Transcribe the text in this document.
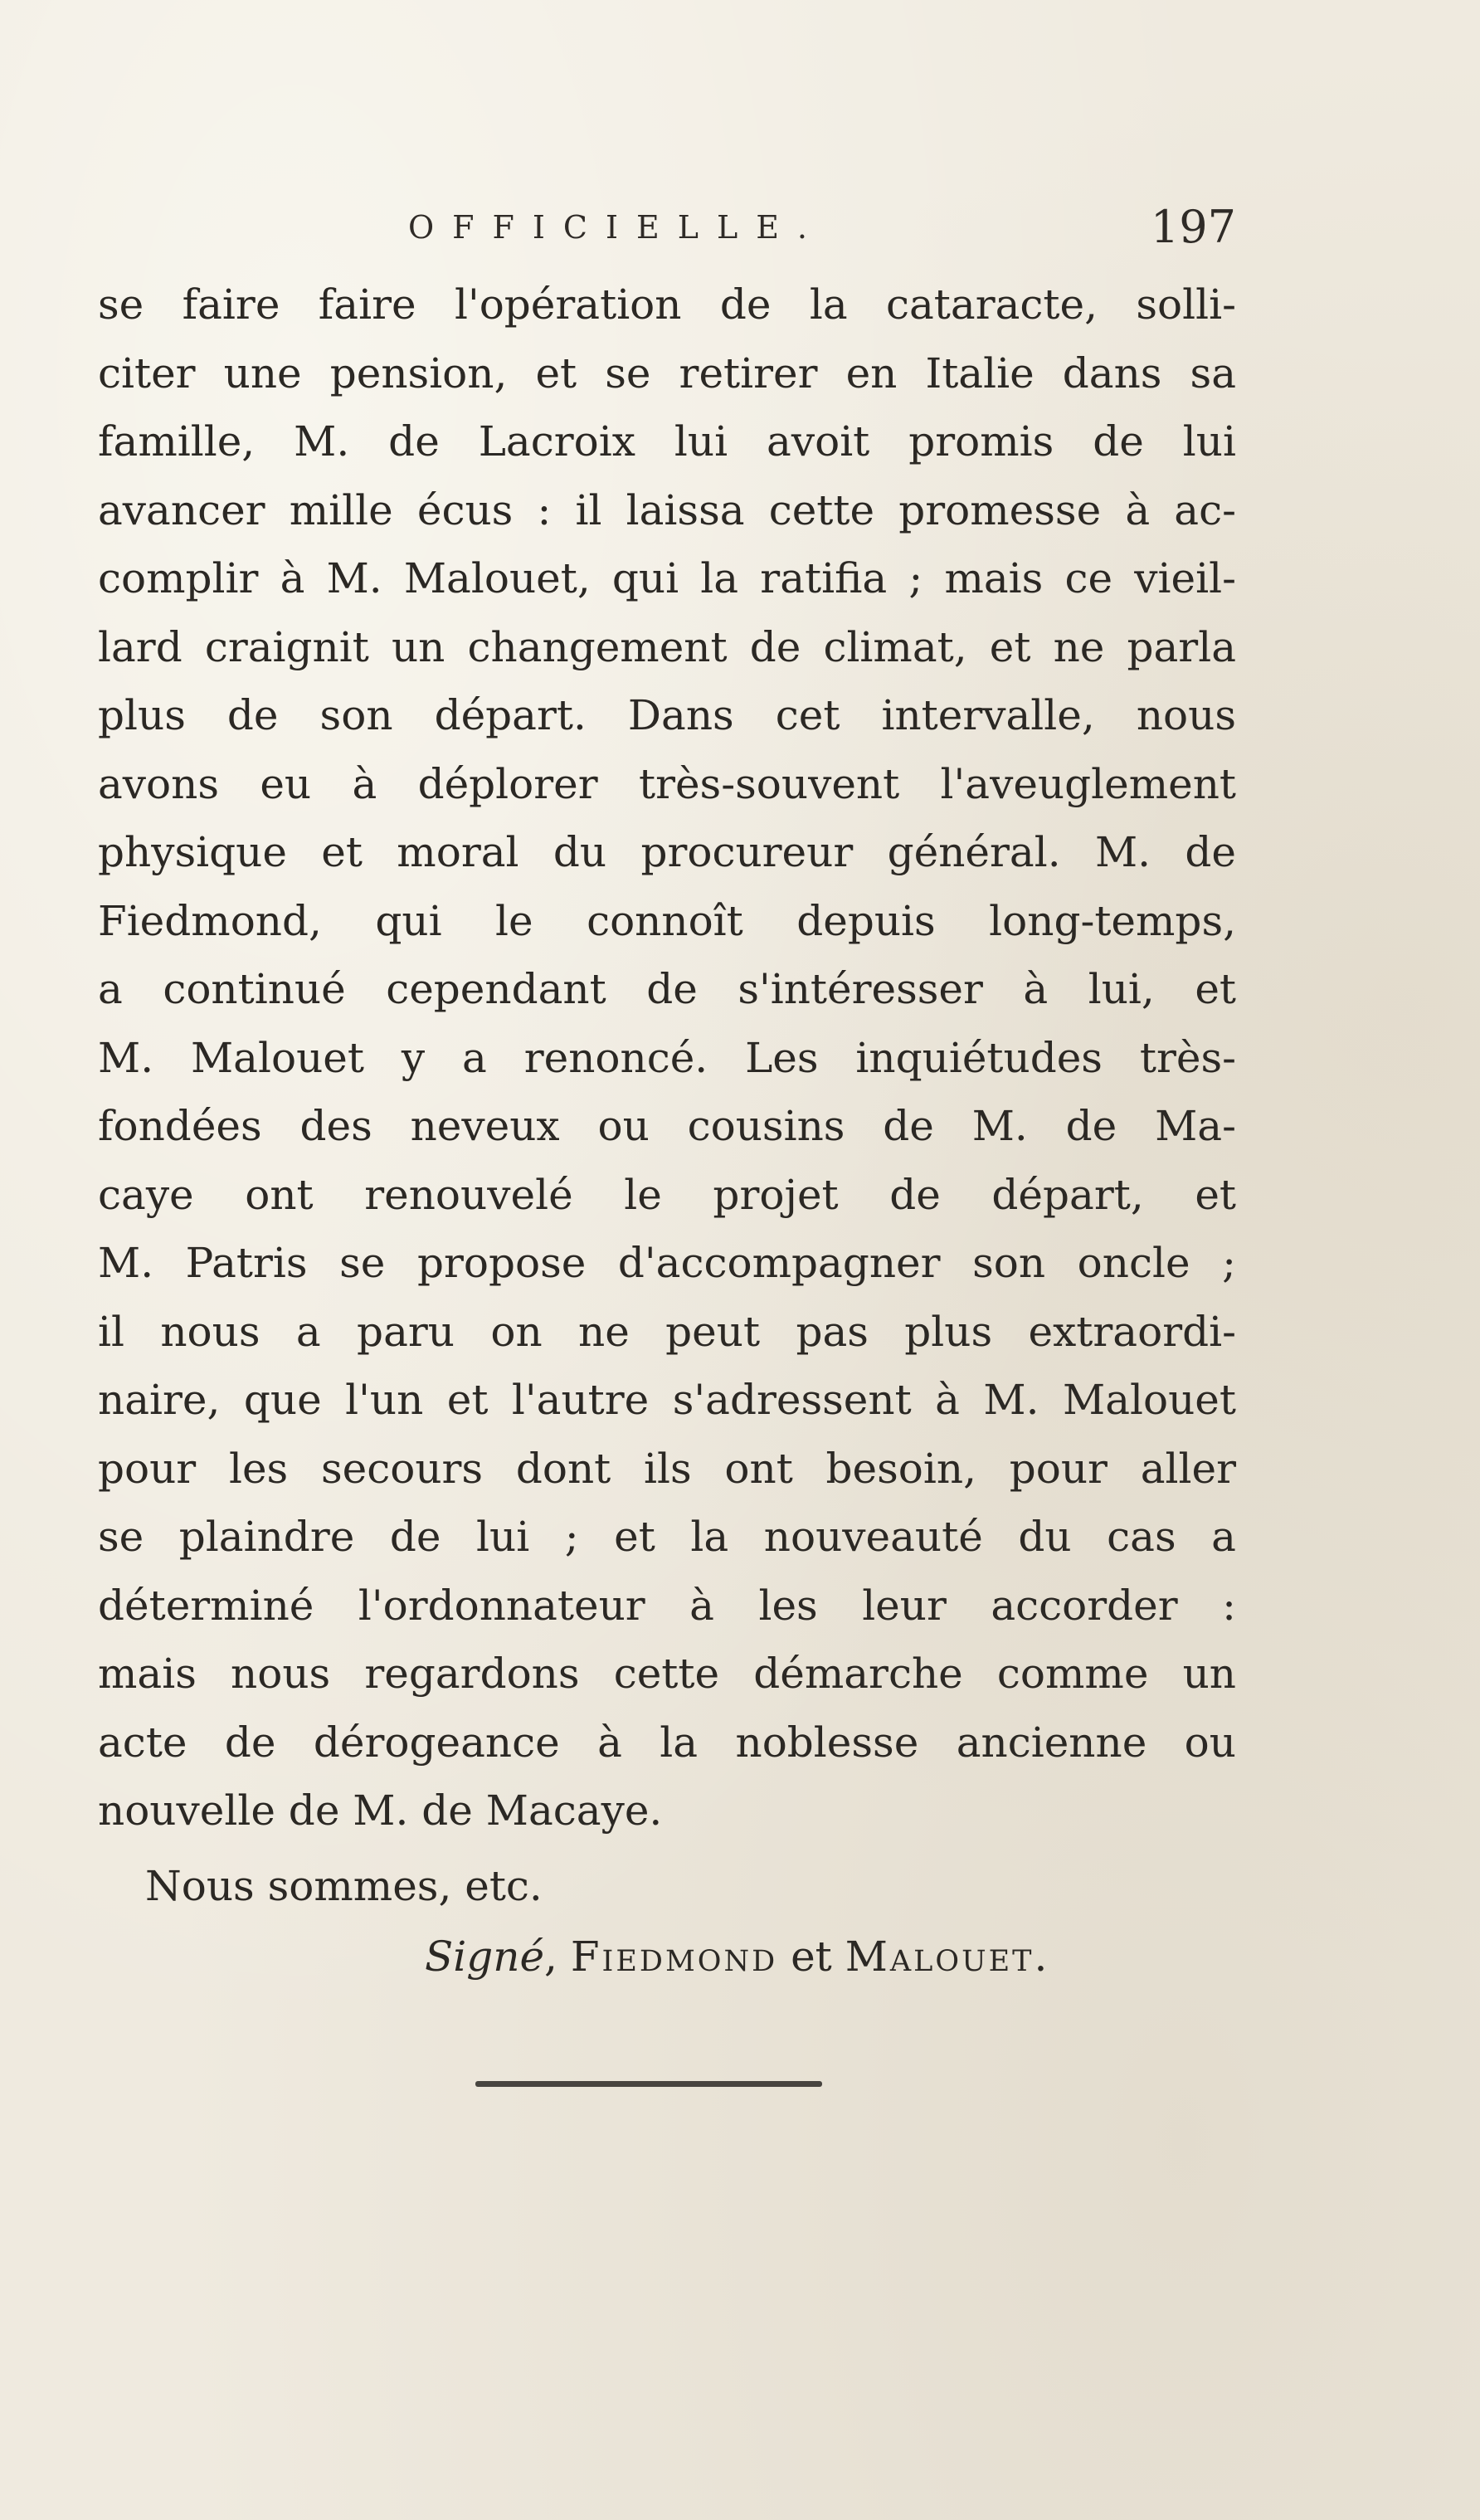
OFFICIELLE.	197
se faire faire l'opération de la cataracte, solli-
citer une pension, et se retirer en Italie dans sa
famille, M. de Lacroix lui avoit promis de lui
avancer mille écus : il laissa cette promesse à ac-
complir à M. Malouet, qui la ratifia ; mais ce vieil-
lard craignit un changement de climat, et ne parla
plus de son départ. Dans cet intervalle, nous
avons eu à déplorer très-souvent l'aveuglement
physique et moral du procureur général. M. de
Fiedmond, qui le connoît depuis long-temps,
a continué cependant de s'intéresser à lui, et
M. Malouet y a renoncé. Les inquiétudes très-
fondées des neveux ou cousins de M. de Ma-
caye ont renouvelé le projet de départ, et
M. Patris se propose d'accompagner son oncle ;
il nous a paru on ne peut pas plus extraordi-
naire, que l'un et l'autre s'adressent à M. Malouet
pour les secours dont ils ont besoin, pour aller
se plaindre de lui ; et la nouveauté du cas a
déterminé l'ordonnateur à les leur accorder :
mais nous regardons cette démarche comme un
acte de dérogeance à la noblesse ancienne ou
nouvelle de M. de Macaye.
Nous sommes, etc.
Signé, Fiedmond et Malouet.
